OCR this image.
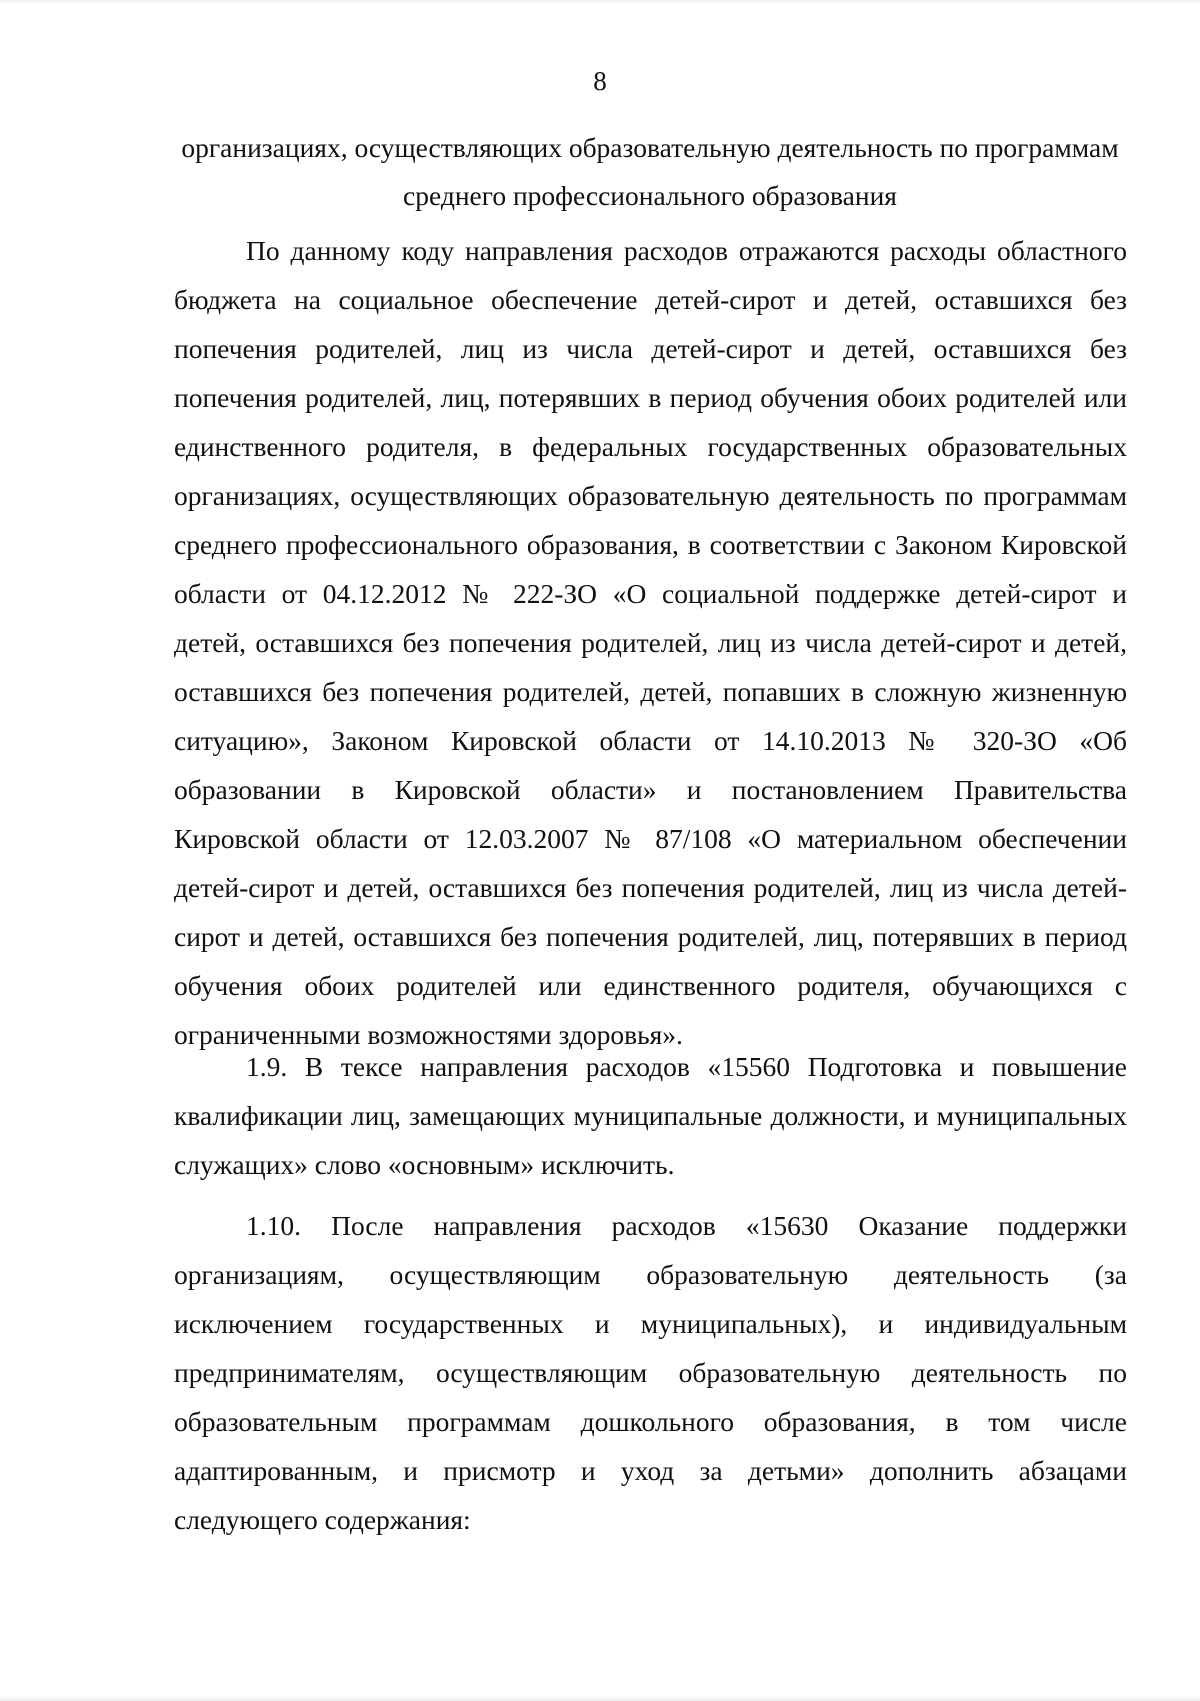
8
организациях, осуществляющих образовательную деятельность по программам
среднего профессионального образования
По данному коду направления расходов отражаются расходы областного
бюджета на социальное обеспечение детей-сирот и детей, оставшихся без
попечения родителей, лиц из числа детей-сирот и детей, оставшихся без
попечения родителей, лиц, потерявших в период обучения обоих родителей или
единственного родителя, в федеральных государственных образовательных
организациях, осуществляющих образовательную деятельность по программам
среднего профессионального образования, в соответствии с Законом Кировской
области от 04.12.2012 № 222-ЗО «О социальной поддержке детей-сирот и
детей, оставшихся без попечения родителей, лиц из числа детей-сирот и детей,
оставшихся без попечения родителей, детей, попавших в сложную жизненную
ситуацию», Законом Кировской области от 14.10.2013 № 320-ЗО «Об
образовании в Кировской области» и постановлением Правительства
Кировской области от 12.03.2007 № 87/108 «О материальном обеспечении
детей-сирот и детей, оставшихся без попечения родителей, лиц из числа детей-
сирот и детей, оставшихся без попечения родителей, лиц, потерявших в период
обучения обоих родителей или единственного родителя, обучающихся с
ограниченными возможностями здоровья».
1.9. В тексе направления расходов «15560 Подготовка и повышение
квалификации лиц, замещающих муниципальные должности, и муниципальных
служащих» слово «основным» исключить.
1.10. После направления расходов «15630 Оказание поддержки
организациям, осуществляющим образовательную деятельность (за
исключением государственных и муниципальных), и индивидуальным
предпринимателям, осуществляющим образовательную деятельность по
образовательным программам дошкольного образования, в том числе
адаптированным, и присмотр и уход за детьми» дополнить абзацами
следующего содержания:
